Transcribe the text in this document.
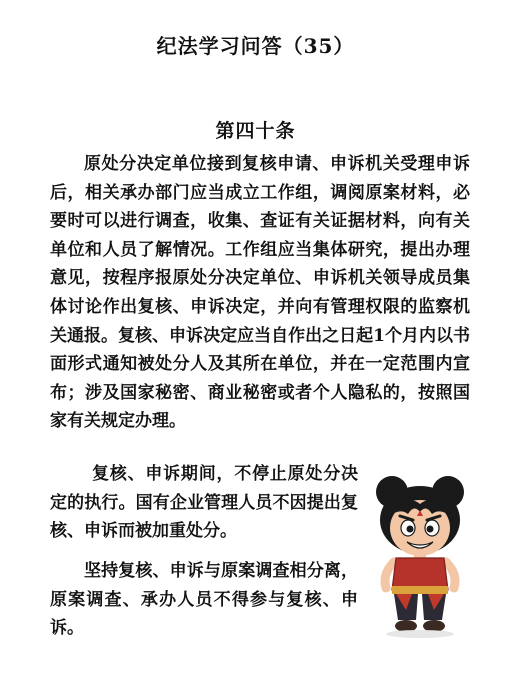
纪法学习问答（35）
第四十条

原处分决定单位接到复核申请、申诉机关受理申诉后，相关承办部门应当成立工作组，调阅原案材料，必要时可以进行调查，收集、查证有关证据材料，向有关单位和人员了解情况。工作组应当集体研究，提出办理意见，按程序报原处分决定单位、申诉机关领导成员集体讨论作出复核、申诉决定，并向有管理权限的监察机关通报。复核、申诉决定应当自作出之日起1个月内以书面形式通知被处分人及其所在单位，并在一定范围内宣布；涉及国家秘密、商业秘密或者个人隐私的，按照国家有关规定办理。

复核、申诉期间，不停止原处分决定的执行。国有企业管理人员不因提出复核、申诉而被加重处分。

坚持复核、申诉与原案调查相分离，原案调查、承办人员不得参与复核、申诉。
